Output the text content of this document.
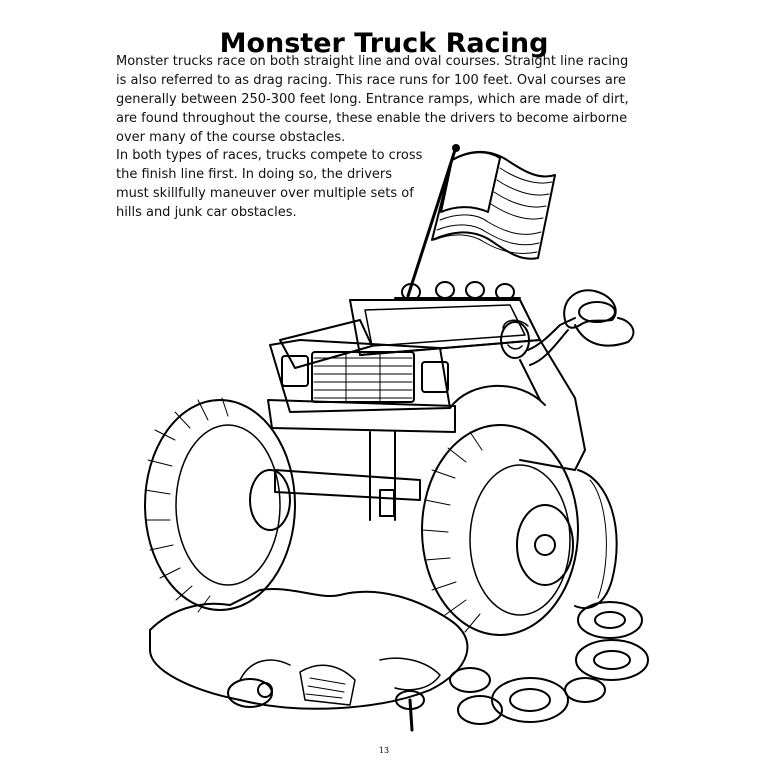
Monster Truck Racing
Monster trucks race on both straight line and oval courses. Straight line racing
is also referred to as drag racing. This race runs for 100 feet. Oval courses are
generally between 250-300 feet long. Entrance ramps, which are made of dirt,
are found throughout the course, these enable the drivers to become airborne
over many of the course obstacles.
In both types of races, trucks compete to cross
the finish line first. In doing so, the drivers
must skillfully maneuver over multiple sets of
hills and junk car obstacles.
13
